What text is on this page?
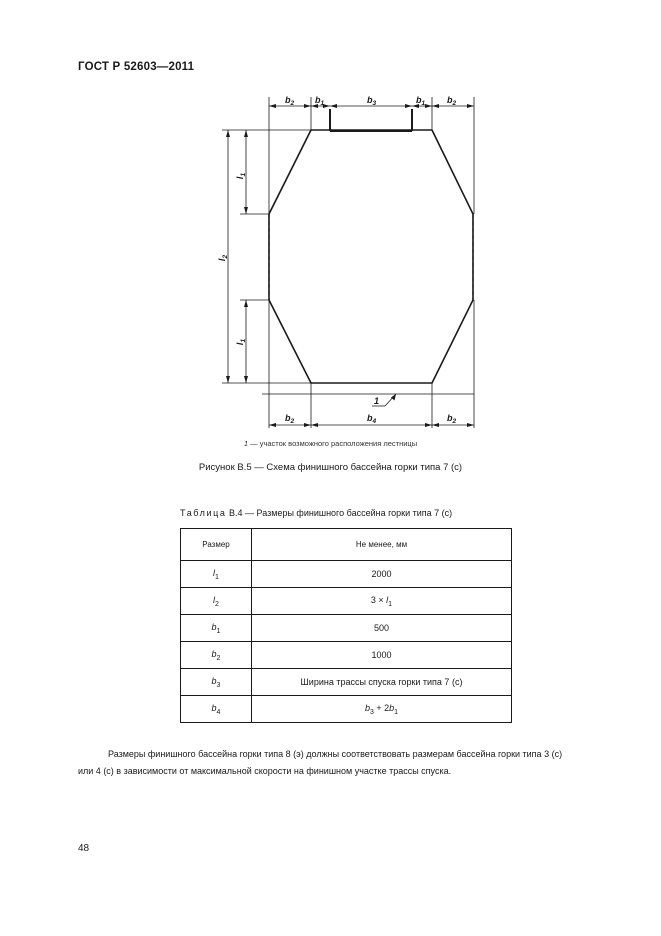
ГОСТ Р 52603—2011
$b_2$ $b_1$	$b_3$	$b_1$ $b_2$
$b_2$	$b_4$	$b_2$
1
$l_1$
$l_2$
$l_1$
1 — участок возможного расположения лестницы
Рисунок В.5 — Схема финишного бассейна горки типа 7 (с)
Таблица В.4 — Размеры финишного бассейна горки типа 7 (с)
Размер	Не менее, мм
$l_1$	2000
$l_2$	$3 \times l_1$
$b_1$	500
$b_2$	1000
$b_3$	Ширина трассы спуска горки типа 7 (с)
$b_4$	$b_3 + 2b_1$
Размеры финишного бассейна горки типа 8 (э) должны соответствовать размерам бассейна горки типа 3 (с)
или 4 (с) в зависимости от максимальной скорости на финишном участке трассы спуска.
48
